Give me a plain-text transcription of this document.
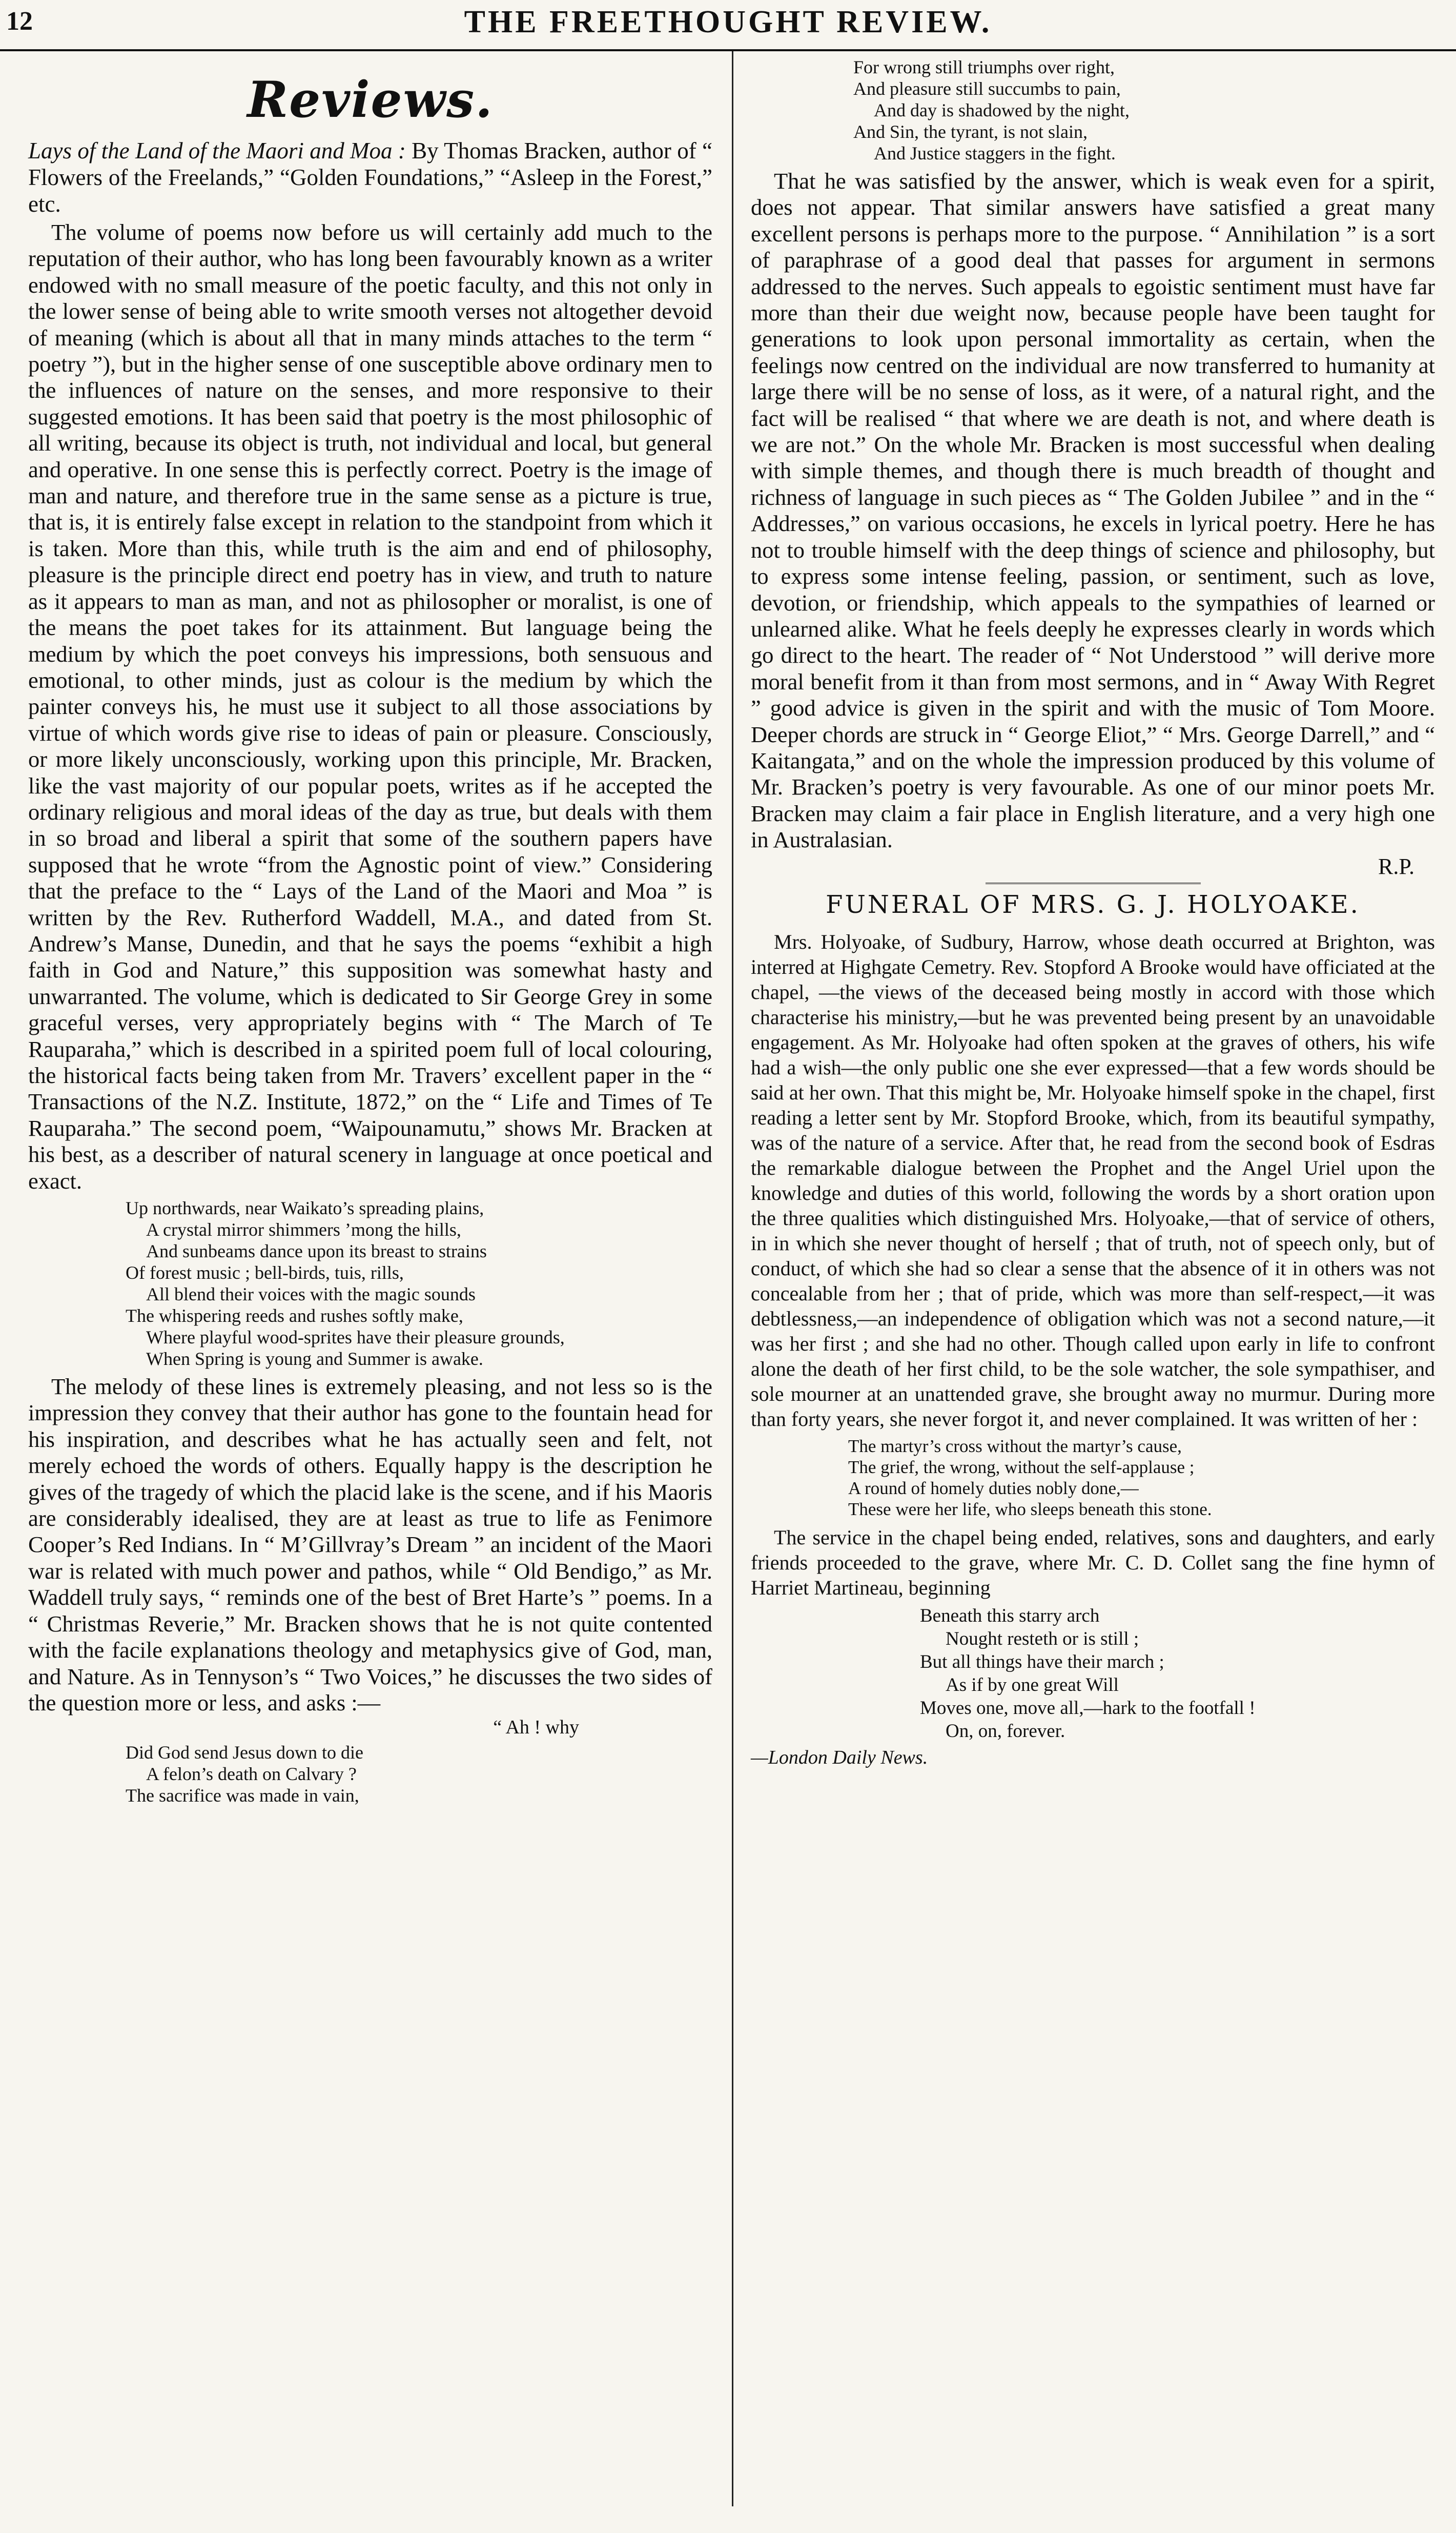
12	THE FREETHOUGHT REVIEW.
Reviews.

Lays of the Land of the Maori and Moa : By Thomas Bracken, author of “ Flowers of the Freelands,” “Golden Foundations,” “Asleep in the Forest,” etc.

The volume of poems now before us will certainly add much to the reputation of their author, who has long been favourably known as a writer endowed with no small measure of the poetic faculty, and this not only in the lower sense of being able to write smooth verses not altogether devoid of meaning (which is about all that in many minds attaches to the term “ poetry ”), but in the higher sense of one susceptible above ordinary men to the influences of nature on the senses, and more responsive to their suggested emotions. It has been said that poetry is the most philosophic of all writing, because its object is truth, not individual and local, but general and operative. In one sense this is perfectly correct. Poetry is the image of man and nature, and therefore true in the same sense as a picture is true, that is, it is entirely false except in relation to the standpoint from which it is taken. More than this, while truth is the aim and end of philosophy, pleasure is the principle direct end poetry has in view, and truth to nature as it appears to man as man, and not as philosopher or moralist, is one of the means the poet takes for its attainment. But language being the medium by which the poet conveys his impressions, both sensuous and emotional, to other minds, just as colour is the medium by which the painter conveys his, he must use it subject to all those associations by virtue of which words give rise to ideas of pain or pleasure. Consciously, or more likely unconsciously, working upon this principle, Mr. Bracken, like the vast majority of our popular poets, writes as if he accepted the ordinary religious and moral ideas of the day as true, but deals with them in so broad and liberal a spirit that some of the southern papers have supposed that he wrote “from the Agnostic point of view.” Considering that the preface to the “ Lays of the Land of the Maori and Moa ” is written by the Rev. Rutherford Waddell, M.A., and dated from St. Andrew’s Manse, Dunedin, and that he says the poems “exhibit a high faith in God and Nature,” this supposition was somewhat hasty and unwarranted. The volume, which is dedicated to Sir George Grey in some graceful verses, very appropriately begins with “ The March of Te Rauparaha,” which is described in a spirited poem full of local colouring, the historical facts being taken from Mr. Travers’ excellent paper in the “ Transactions of the N.Z. Institute, 1872,” on the “ Life and Times of Te Rauparaha.” The second poem, “Waipounamutu,” shows Mr. Bracken at his best, as a describer of natural scenery in language at once poetical and exact.

Up northwards, near Waikato’s spreading plains,
A crystal mirror shimmers ’mong the hills,
And sunbeams dance upon its breast to strains
Of forest music ; bell-birds, tuis, rills,
All blend their voices with the magic sounds
The whispering reeds and rushes softly make,
Where playful wood-sprites have their pleasure grounds,
When Spring is young and Summer is awake.

The melody of these lines is extremely pleasing, and not less so is the impression they convey that their author has gone to the fountain head for his inspiration, and describes what he has actually seen and felt, not merely echoed the words of others. Equally happy is the description he gives of the tragedy of which the placid lake is the scene, and if his Maoris are considerably idealised, they are at least as true to life as Fenimore Cooper’s Red Indians. In “ M’Gillvray’s Dream ” an incident of the Maori war is related with much power and pathos, while “ Old Bendigo,” as Mr. Waddell truly says, “ reminds one of the best of Bret Harte’s ” poems. In a “ Christmas Reverie,” Mr. Bracken shows that he is not quite contented with the facile explanations theology and metaphysics give of God, man, and Nature. As in Tennyson’s “ Two Voices,” he discusses the two sides of the question more or less, and asks :—

“ Ah ! why
Did God send Jesus down to die
A felon’s death on Calvary ?
The sacrifice was made in vain,
For wrong still triumphs over right,
And pleasure still succumbs to pain,
And day is shadowed by the night,
And Sin, the tyrant, is not slain,
And Justice staggers in the fight.

That he was satisfied by the answer, which is weak even for a spirit, does not appear. That similar answers have satisfied a great many excellent persons is perhaps more to the purpose. “ Annihilation ” is a sort of paraphrase of a good deal that passes for argument in sermons addressed to the nerves. Such appeals to egoistic sentiment must have far more than their due weight now, because people have been taught for generations to look upon personal immortality as certain, when the feelings now centred on the individual are now transferred to humanity at large there will be no sense of loss, as it were, of a natural right, and the fact will be realised “ that where we are death is not, and where death is we are not.” On the whole Mr. Bracken is most successful when dealing with simple themes, and though there is much breadth of thought and richness of language in such pieces as “ The Golden Jubilee ” and in the “ Addresses,” on various occasions, he excels in lyrical poetry. Here he has not to trouble himself with the deep things of science and philosophy, but to express some intense feeling, passion, or sentiment, such as love, devotion, or friendship, which appeals to the sympathies of learned or unlearned alike. What he feels deeply he expresses clearly in words which go direct to the heart. The reader of “ Not Understood ” will derive more moral benefit from it than from most sermons, and in “ Away With Regret ” good advice is given in the spirit and with the music of Tom Moore. Deeper chords are struck in “ George Eliot,” “ Mrs. George Darrell,” and “ Kaitangata,” and on the whole the impression produced by this volume of Mr. Bracken’s poetry is very favourable. As one of our minor poets Mr. Bracken may claim a fair place in English literature, and a very high one in Australasian.

R.P.
FUNERAL OF MRS. G. J. HOLYOAKE.

Mrs. Holyoake, of Sudbury, Harrow, whose death occurred at Brighton, was interred at Highgate Cemetry. Rev. Stopford A Brooke would have officiated at the chapel, —the views of the deceased being mostly in accord with those which characterise his ministry,—but he was prevented being present by an unavoidable engagement. As Mr. Holyoake had often spoken at the graves of others, his wife had a wish—the only public one she ever expressed—that a few words should be said at her own. That this might be, Mr. Holyoake himself spoke in the chapel, first reading a letter sent by Mr. Stopford Brooke, which, from its beautiful sympathy, was of the nature of a service. After that, he read from the second book of Esdras the remarkable dialogue between the Prophet and the Angel Uriel upon the knowledge and duties of this world, following the words by a short oration upon the three qualities which distinguished Mrs. Holyoake,—that of service of others, in in which she never thought of herself ; that of truth, not of speech only, but of conduct, of which she had so clear a sense that the absence of it in others was not concealable from her ; that of pride, which was more than self-respect,—it was debtlessness,—an independence of obligation which was not a second nature,—it was her first ; and she had no other. Though called upon early in life to confront alone the death of her first child, to be the sole watcher, the sole sympathiser, and sole mourner at an unattended grave, she brought away no murmur. During more than forty years, she never forgot it, and never complained. It was written of her :

The martyr’s cross without the martyr’s cause,
The grief, the wrong, without the self-applause ;
A round of homely duties nobly done,—
These were her life, who sleeps beneath this stone.

The service in the chapel being ended, relatives, sons and daughters, and early friends proceeded to the grave, where Mr. C. D. Collet sang the fine hymn of Harriet Martineau, beginning

Beneath this starry arch
Nought resteth or is still ;
But all things have their march ;
As if by one great Will
Moves one, move all,—hark to the footfall !
On, on, forever.
—London Daily News.
